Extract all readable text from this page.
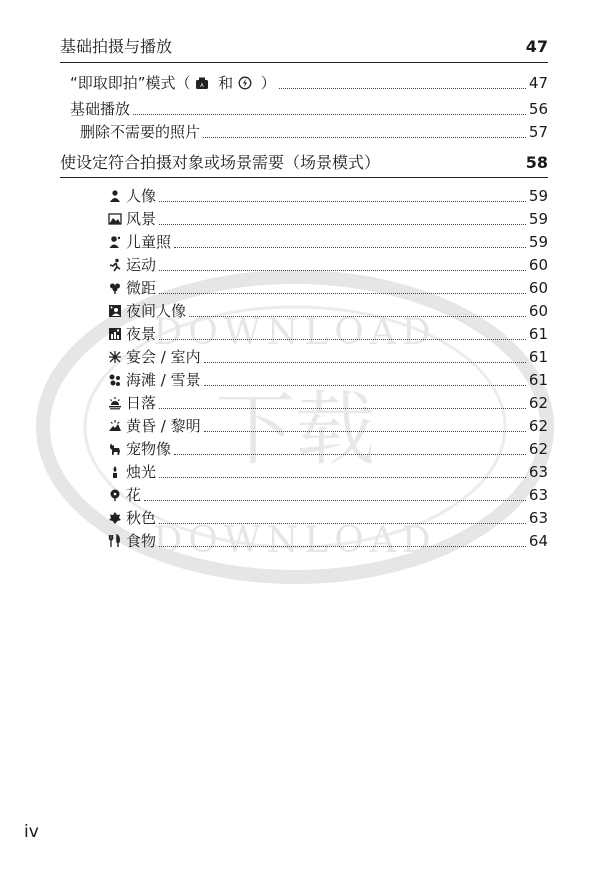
下载
DOWNLOAD
DOWNLOAD
基础拍摄与播放	47
“即取即拍”模式（ A 和 ）	47
基础播放	56
删除不需要的照片	57
使设定符合拍摄对象或场景需要（场景模式）	58
人像	59
风景	59
儿童照	59
运动	60
微距	60
夜间人像	60
夜景	61
宴会 / 室内	61
海滩 / 雪景	61
日落	62
黄昏 / 黎明	62
宠物像	62
烛光	63
花	63
秋色	63
食物	64
iv
